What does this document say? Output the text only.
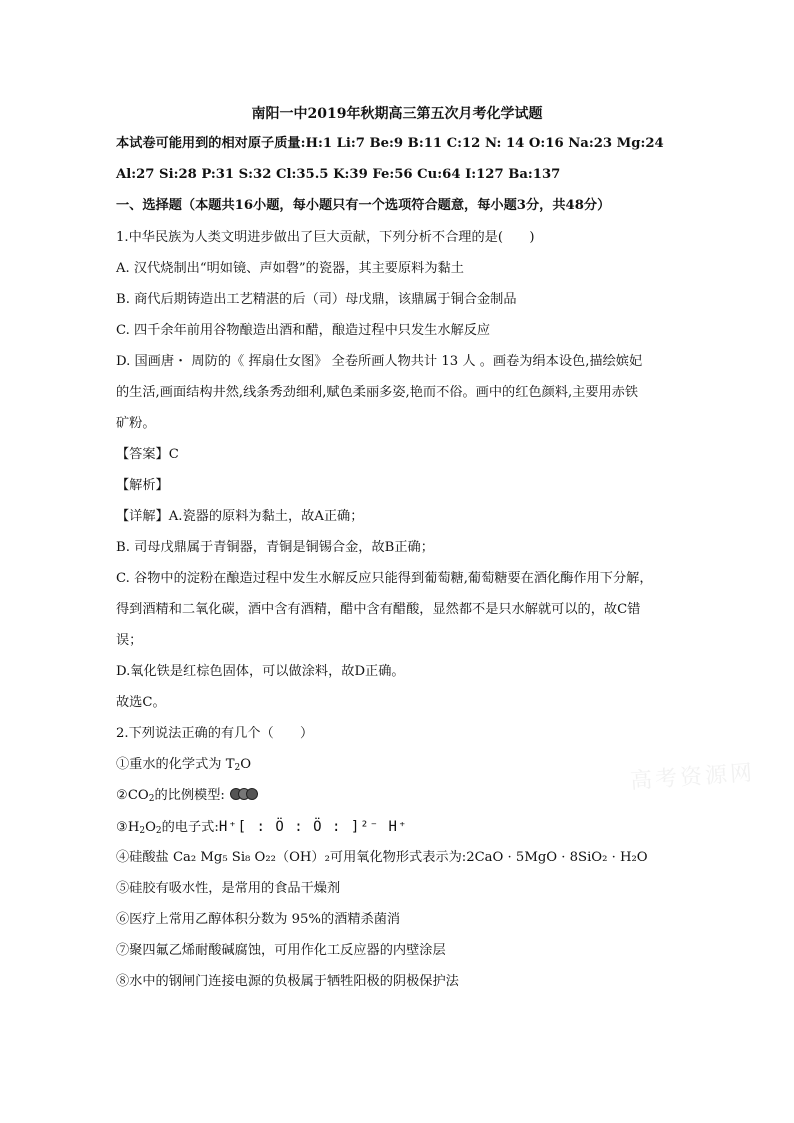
南阳一中2019年秋期高三第五次月考化学试题
本试卷可能用到的相对原子质量:H:1 Li:7 Be:9 B:11 C:12 N: 14 O:16 Na:23 Mg:24
Al:27 Si:28 P:31 S:32 Cl:35.5 K:39 Fe:56 Cu:64 I:127 Ba:137
一、选择题（本题共16小题，每小题只有一个选项符合题意，每小题3分，共48分）
1.中华民族为人类文明进步做出了巨大贡献，下列分析不合理的是(　　)
A. 汉代烧制出“明如镜、声如磬”的瓷器，其主要原料为黏土
B. 商代后期铸造出工艺精湛的后（司）母戊鼎，该鼎属于铜合金制品
C. 四千余年前用谷物酿造出酒和醋，酿造过程中只发生水解反应
D. 国画唐・ 周防的《 挥扇仕女图》 全卷所画人物共计 13 人 。画卷为绢本设色,描绘嫔妃
的生活,画面结构井然,线条秀劲细利,赋色柔丽多姿,艳而不俗。画中的红色颜料,主要用赤铁
矿粉。
【答案】C
【解析】
【详解】A.瓷器的原料为黏土，故A正确；
B. 司母戊鼎属于青铜器，青铜是铜锡合金，故B正确；
C. 谷物中的淀粉在酿造过程中发生水解反应只能得到葡萄糖,葡萄糖要在酒化酶作用下分解，
得到酒精和二氧化碳，酒中含有酒精，醋中含有醋酸，显然都不是只水解就可以的，故C错
误；
D.氧化铁是红棕色固体，可以做涂料，故D正确。
故选C。
2.下列说法正确的有几个（　　）
①重水的化学式为 $T_2O$
$②CO_2$的比例模型:
$③H_2O_2$的电子式:H⁺[ : Ö : Ö : ]²⁻ H⁺
④硅酸盐 Ca₂ Mg₅ Si₈ O₂₂（OH）₂可用氧化物形式表示为:2CaO · 5MgO · 8SiO₂ · H₂O
⑤硅胶有吸水性，是常用的食品干燥剂
⑥医疗上常用乙醇体积分数为 95%的酒精杀菌消
⑦聚四氟乙烯耐酸碱腐蚀，可用作化工反应器的内壁涂层
⑧水中的钢闸门连接电源的负极属于牺牲阳极的阴极保护法
高考资源网
